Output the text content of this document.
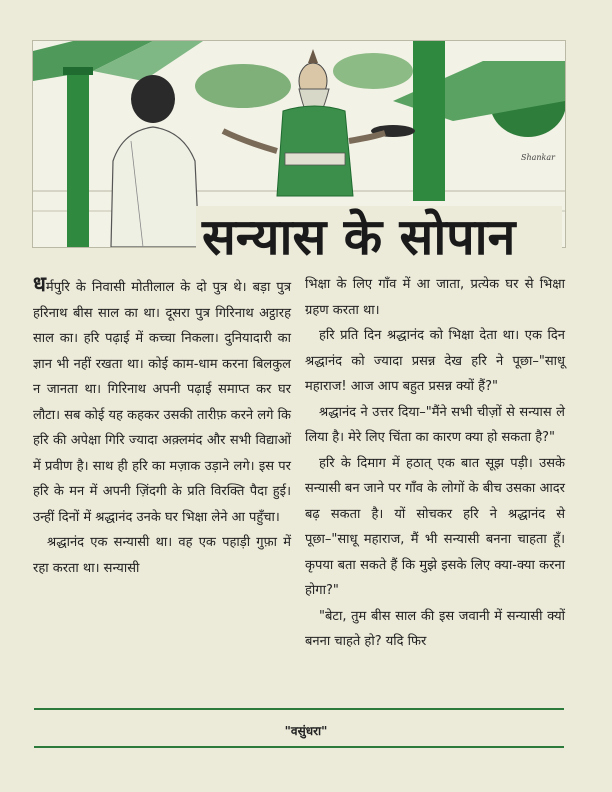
Shankar
सन्यास के सोपान

धर्मपुरि के निवासी मोतीलाल के दो पुत्र थे। बड़ा पुत्र हरिनाथ बीस साल का था। दूसरा पुत्र गिरिनाथ अट्ठारह साल का। हरि पढ़ाई में कच्चा निकला। दुनियादारी का ज्ञान भी नहीं रखता था। कोई काम-धाम करना बिलकुल न जानता था। गिरिनाथ अपनी पढ़ाई समाप्त कर घर लौटा। सब कोई यह कहकर उसकी तारीफ़ करने लगे कि हरि की अपेक्षा गिरि ज्यादा अक़्लमंद और सभी विद्याओं में प्रवीण है। साथ ही हरि का मज़ाक उड़ाने लगे। इस पर हरि के मन में अपनी ज़िंदगी के प्रति विरक्ति पैदा हुई। उन्हीं दिनों में श्रद्धानंद उनके घर भिक्षा लेने आ पहुँचा।

श्रद्धानंद एक सन्यासी था। वह एक पहाड़ी गुफ़ा में रहा करता था। सन्यासी

भिक्षा के लिए गाँव में आ जाता, प्रत्येक घर से भिक्षा ग्रहण करता था।

हरि प्रति दिन श्रद्धानंद को भिक्षा देता था। एक दिन श्रद्धानंद को ज्यादा प्रसन्न देख हरि ने पूछा–"साधू महाराज! आज आप बहुत प्रसन्न क्यों हैं?"

श्रद्धानंद ने उत्तर दिया–"मैंने सभी चीज़ों से सन्यास ले लिया है। मेरे लिए चिंता का कारण क्या हो सकता है?"

हरि के दिमाग में हठात् एक बात सूझ पड़ी। उसके सन्यासी बन जाने पर गाँव के लोगों के बीच उसका आदर बढ़ सकता है। यों सोचकर हरि ने श्रद्धानंद से पूछा–"साधू महाराज, मैं भी सन्यासी बनना चाहता हूँ। कृपया बता सकते हैं कि मुझे इसके लिए क्या-क्या करना होगा?"

"बेटा, तुम बीस साल की इस जवानी में सन्यासी क्यों बनना चाहते हो? यदि फिर

"वसुंधरा"
